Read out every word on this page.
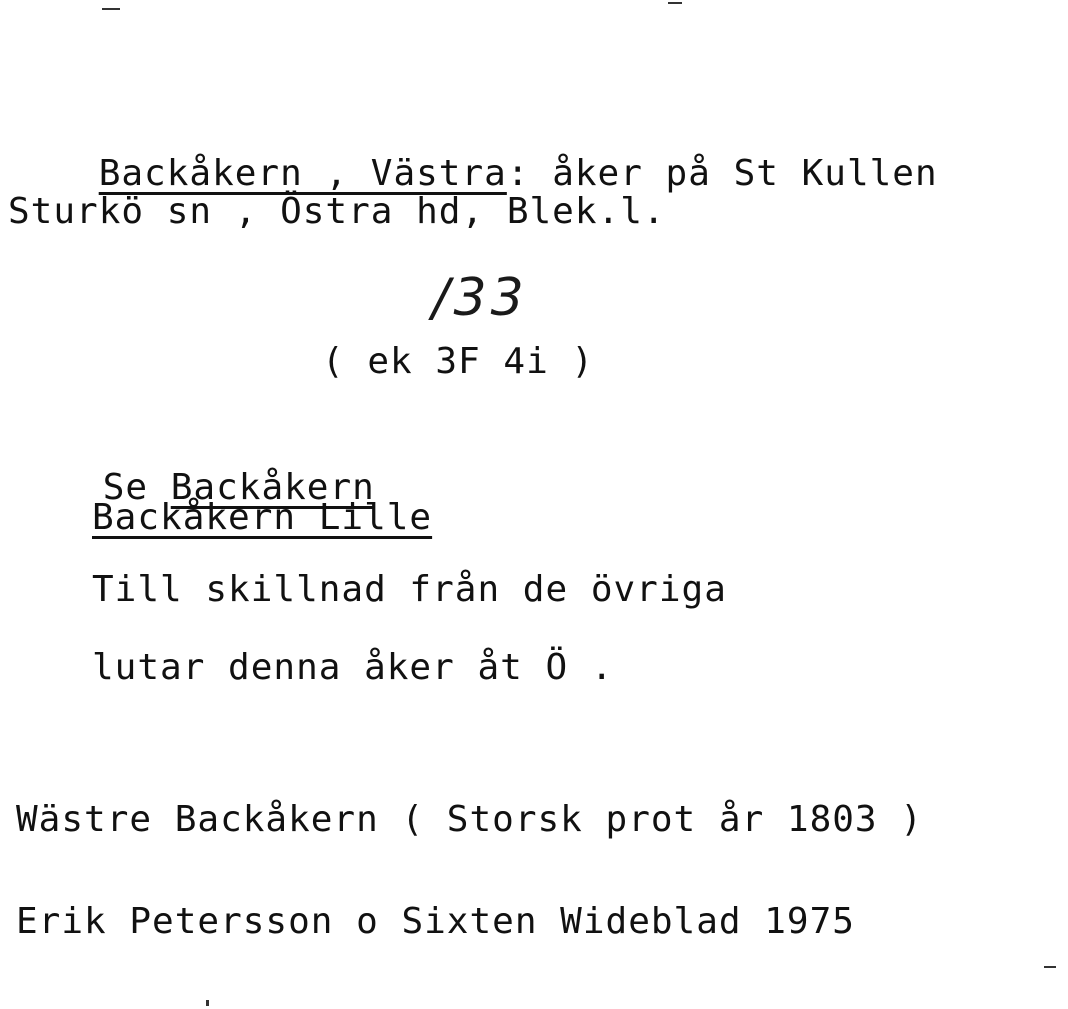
Backåkern , Västra: åker på St Kullen

Sturkö sn , Östra hd, Blek.l.
/33
( ek 3F 4i )

Se Backåkern

Backåkern Lille
Till skillnad från de övriga
lutar denna åker åt Ö .
Wästre Backåkern ( Storsk prot år 1803 )
Erik Petersson o Sixten Wideblad 1975
